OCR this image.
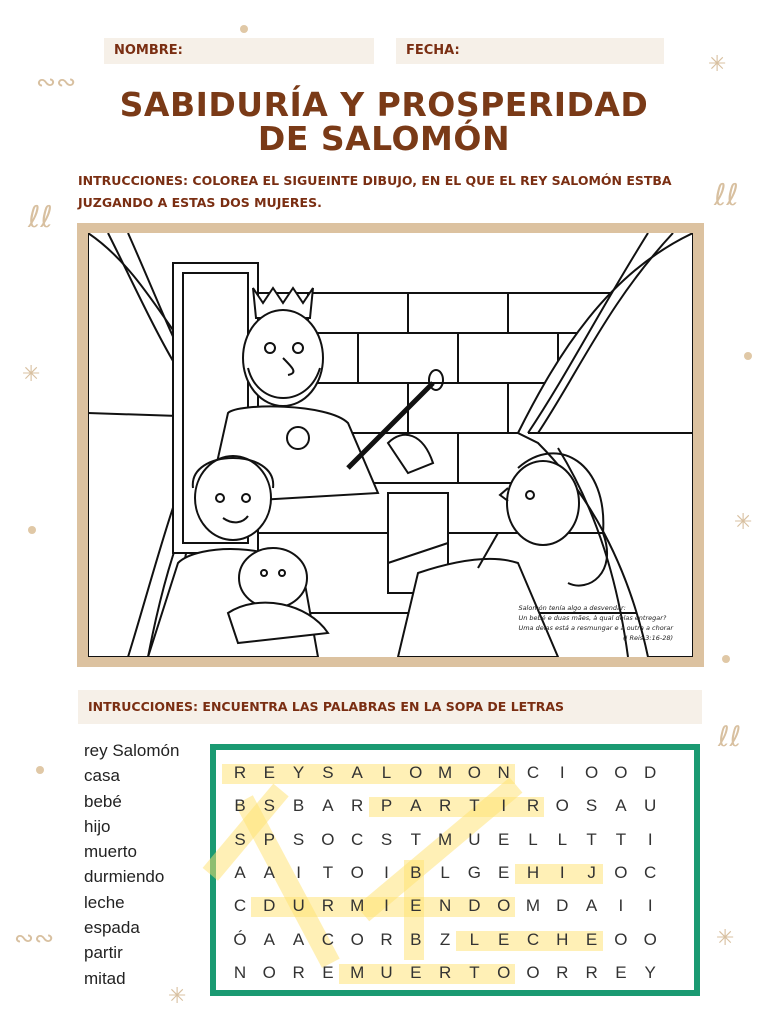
✳
∾∾
ℓℓ
ℓℓ
✳
✳
ℓℓ
∾∾	✳
✳
NOMBRE:	FECHA:
SABIDURÍA Y PROSPERIDAD
DE SALOMÓN
INTRUCCIONES: COLOREA EL SIGUEINTE DIBUJO, EN EL QUE EL REY SALOMÓN ESTBA
JUZGANDO A ESTAS DOS MUJERES.
Salomón tenía algo a desvendar:
Un bebé e duas mães, à qual delas entregar?
Uma delas está a resmungar e a outra a chorar
(I Reis 3:16-28)
INTRUCCIONES: ENCUENTRA LAS PALABRAS EN LA SOPA DE LETRAS
rey Salomón
casa
bebé
hijo
muerto
durmiendo
leche
espada
partir
mitad
R E Y S A	L O M O N C	I	O O D
B S B A R P A R T	I	R O S A U
S P S O C S	T M U E	L	L	T	T	I
A A	I	T O	I	B	L G E H	I	J	O C
C D U R M	I	E N D O M D A	I	I
Ó A A C O R B	Z	L	E C H E O O
N O R E M U E R T O O R R E Y
